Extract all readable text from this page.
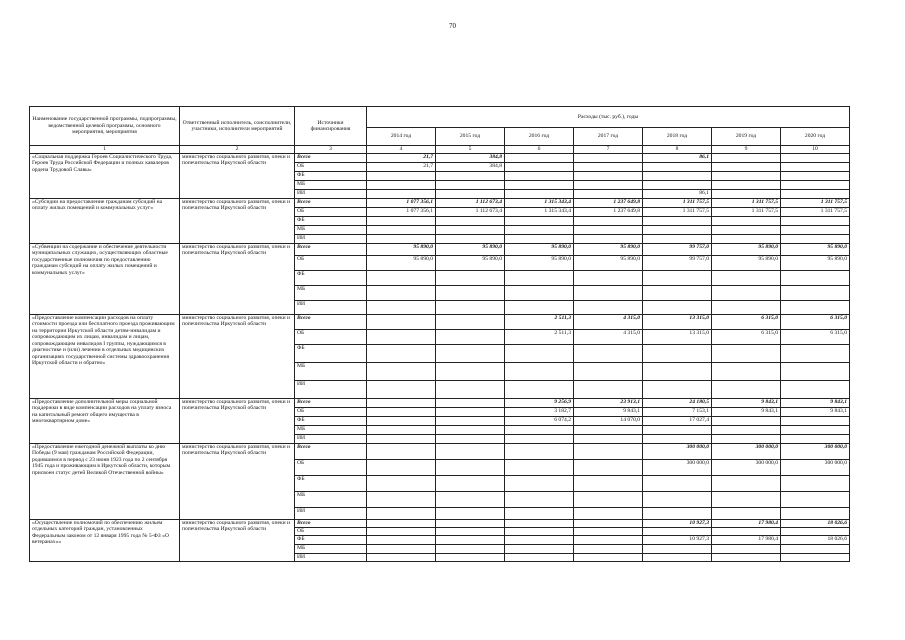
70
Наименование государственной программы, подпрограммы, ведомственной целевой программы, основного мероприятия, мероприятия	Ответственный исполнитель, соисполнители, участники, исполнители мероприятий	Источники финансирования	Расходы (тыс. руб.), годы						
			2014 год	2015 год	2016 год	2017 год	2018 год	2019 год	2020 год
1	2	3	4	5	6	7	8	9	10
«Социальная поддержка Героев Социалистического Труда, Героев Труда Российской Федерации и полных кавалеров ордена Трудовой Славы»	министерство социального развития, опеки и попечительства Иркутской области	Всего	21,7	384,8			86,1		
		ОБ	21,7	384,8					
		ФБ							
		МБ							
		ИИ					86,1		
«Субсидии на предоставление гражданам субсидий на оплату жилых помещений и коммунальных услуг»	министерство социального развития, опеки и попечительства Иркутской области	Всего	1 077 356,1	1 112 673,4	1 315 343,4	1 237 649,8	1 311 757,5	1 311 757,5	1 311 757,5
		ОБ	1 077 356,1	1 112 673,4	1 315 343,4	1 237 649,8	1 311 757,5	1 311 757,5	1 311 757,5
		ФБ							
		МБ							
		ИИ							
«Субвенции на содержание и обеспечение деятельности муниципальных служащих, осуществляющих областные государственные полномочия по предоставлению гражданам субсидий на оплату жилых помещений и коммунальных услуг»	министерство социального развития, опеки и попечительства Иркутской области	Всего	95 890,0	95 890,0	95 890,0	95 890,0	99 757,0	95 890,0	95 890,0
		ОБ	95 890,0	95 890,0	95 890,0	95 890,0	99 757,0	95 890,0	95 890,0
		ФБ							
		МБ							
		ИИ							
«Предоставление компенсации расходов на оплату стоимости проезда или бесплатного проезда проживающим на территории Иркутской области детям-инвалидам и сопровождающим их лицам, инвалидам и лицам, сопровождающим инвалидов I группы, нуждающимся в диагностике и (или) лечении в отдельных медицинских организациях государственной системы здравоохранения Иркутской области и обратно»	министерство социального развития, опеки и попечительства Иркутской области	Всего			2 511,3	4 315,0	13 315,0	6 315,0	6 315,0
		ОБ			2 511,3	4 315,0	13 315,0	6 315,0	6 315,0
		ФБ							
		МБ							
		ИИ							
«Предоставление дополнительной меры социальной поддержки в виде компенсации расходов на уплату взноса на капитальный ремонт общего имущества в многоквартирном доме»	министерство социального развития, опеки и попечительства Иркутской области	Всего			9 256,9	23 913,1	24 180,5	9 843,1	9 843,1
		ОБ			3 182,7	9 843,1	7 153,1	9 843,1	9 843,1
		ФБ			6 074,2	14 070,0	17 027,4		
		МБ							
		ИИ							
«Предоставление ежегодной денежной выплаты ко дню Победы (9 мая) гражданам Российской Федерации, родившимся в период с 23 июня 1923 года по 2 сентября 1945 года и проживающим в Иркутской области, которым присвоен статус детей Великой Отечественной войны»	министерство социального развития, опеки и попечительства Иркутской области	Всего					300 000,0	300 000,0	300 000,0
		ОБ					300 000,0	300 000,0	300 000,0
		ФБ							
		МБ							
		ИИ							
«Осуществление полномочий по обеспечению жильем отдельных категорий граждан, установленных Федеральным законом от 12 января 1995 года № 5-ФЗ «О ветеранах»»	министерство социального развития, опеки и попечительства Иркутской области	Всего					10 927,3	17 980,4	18 026,6
		ОБ							
		ФБ					10 927,3	17 980,4	18 026,6
		МБ							
		ИИ							
